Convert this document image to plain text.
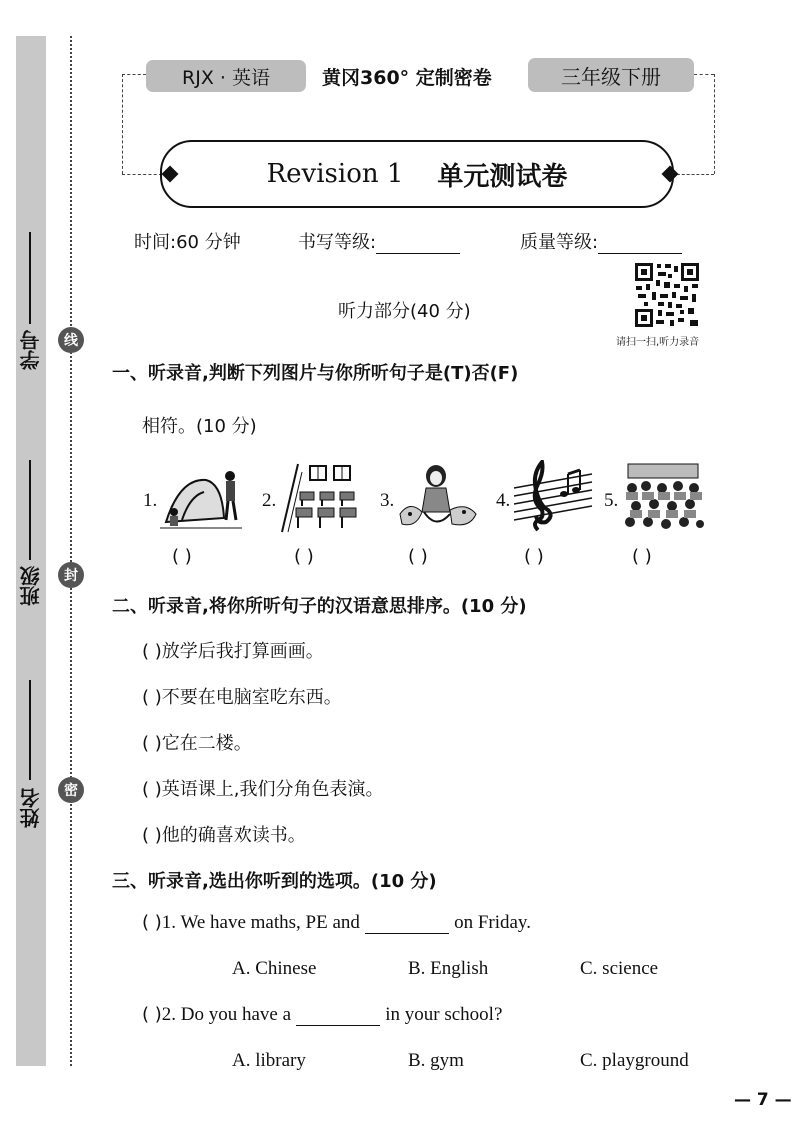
学号
班级
姓名
线
封
密
RJX · 英语	黄冈360° 定制密卷	三年级下册
Revision 1 单元测试卷
时间:60 分钟	书写等级:	质量等级:
请扫一扫,听力录音
听力部分(40 分)
一、听录音,判断下列图片与你所听句子是(T)否(F)
相符。(10 分)
1.	2.	3.	4.	5.
( )	( )	( )	( )	( )
二、听录音,将你所听句子的汉语意思排序。(10 分)
( )放学后我打算画画。
( )不要在电脑室吃东西。
( )它在二楼。
( )英语课上,我们分角色表演。
( )他的确喜欢读书。
三、听录音,选出你听到的选项。(10 分)
( )1. We have maths, PE and	on Friday.
A. Chinese	B. English	C. science
( )2. Do you have a	in your school?
A. library	B. gym	C. playground
— 7 —
